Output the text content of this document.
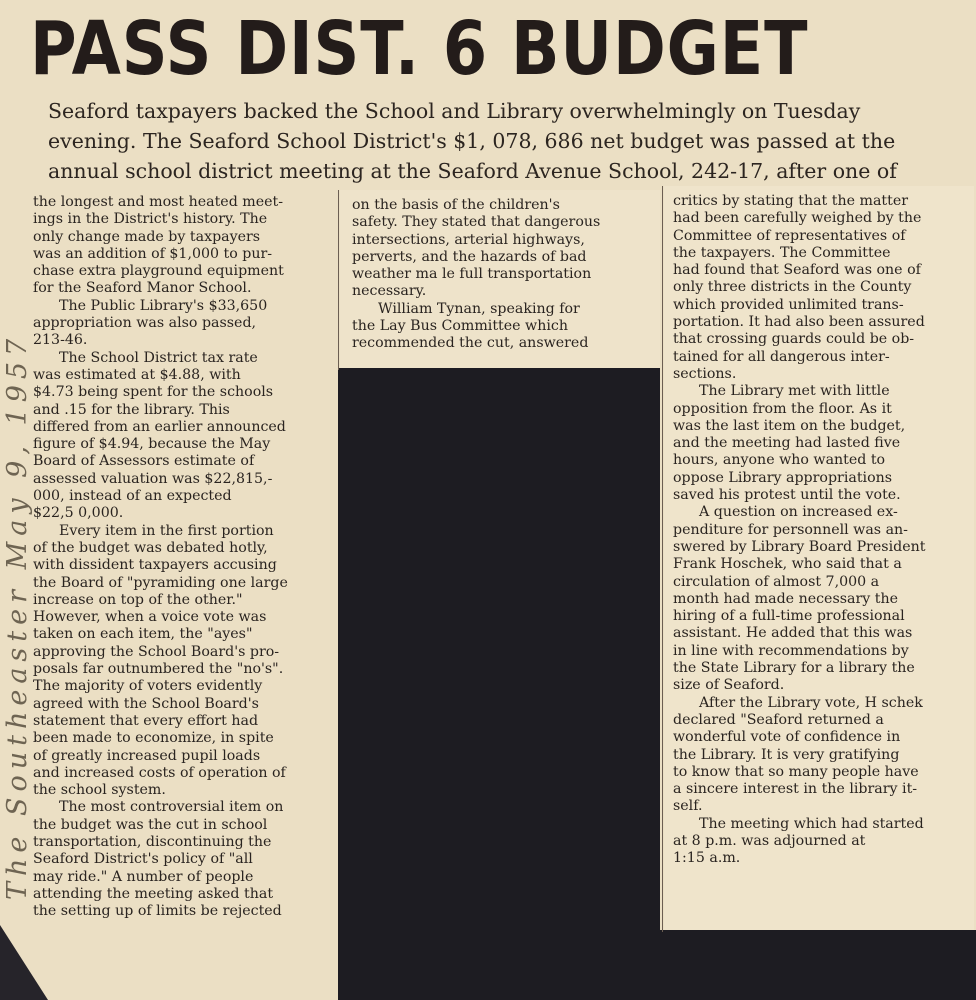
PASS DIST. 6 BUDGET
Seaford taxpayers backed the School and Library overwhelmingly on Tuesday
evening. The Seaford School District's $1, 078, 686 net budget was passed at the
annual school district meeting at the Seaford Avenue School, 242-17, after one of

the longest and most heated meet-

ings in the District's history. The

only change made by taxpayers

was an addition of $1,000 to pur-

chase extra playground equipment

for the Seaford Manor School.

The Public Library's $33,650

appropriation was also passed,

213-46.

The School District tax rate

was estimated at $4.88, with

$4.73 being spent for the schools

and .15 for the library. This

differed from an earlier announced

figure of $4.94, because the May

Board of Assessors estimate of

assessed valuation was $22,815,-

000, instead of an expected

$22,5 0,000.

Every item in the first portion

of the budget was debated hotly,

with dissident taxpayers accusing

the Board of "pyramiding one large

increase on top of the other."

However, when a voice vote was

taken on each item, the "ayes"

approving the School Board's pro-

posals far outnumbered the "no's".

The majority of voters evidently

agreed with the School Board's

statement that every effort had

been made to economize, in spite

of greatly increased pupil loads

and increased costs of operation of

the school system.

The most controversial item on

the budget was the cut in school

transportation, discontinuing the

Seaford District's policy of "all

may ride." A number of people

attending the meeting asked that

the setting up of limits be rejected

on the basis of the children's

safety. They stated that dangerous

intersections, arterial highways,

perverts, and the hazards of bad

weather ma le full transportation

necessary.

William Tynan, speaking for

the Lay Bus Committee which

recommended the cut, answered

critics by stating that the matter

had been carefully weighed by the

Committee of representatives of

the taxpayers. The Committee

had found that Seaford was one of

only three districts in the County

which provided unlimited trans-

portation. It had also been assured

that crossing guards could be ob-

tained for all dangerous inter-

sections.

The Library met with little

opposition from the floor. As it

was the last item on the budget,

and the meeting had lasted five

hours, anyone who wanted to

oppose Library appropriations

saved his protest until the vote.

A question on increased ex-

penditure for personnell was an-

swered by Library Board President

Frank Hoschek, who said that a

circulation of almost 7,000 a

month had made necessary the

hiring of a full-time professional

assistant. He added that this was

in line with recommendations by

the State Library for a library the

size of Seaford.

After the Library vote, H schek

declared "Seaford returned a

wonderful vote of confidence in

the Library. It is very gratifying

to know that so many people have

a sincere interest in the library it-

self.

The meeting which had started

at 8 p.m. was adjourned at

1:15 a.m.

The Southeaster May 9, 1957
